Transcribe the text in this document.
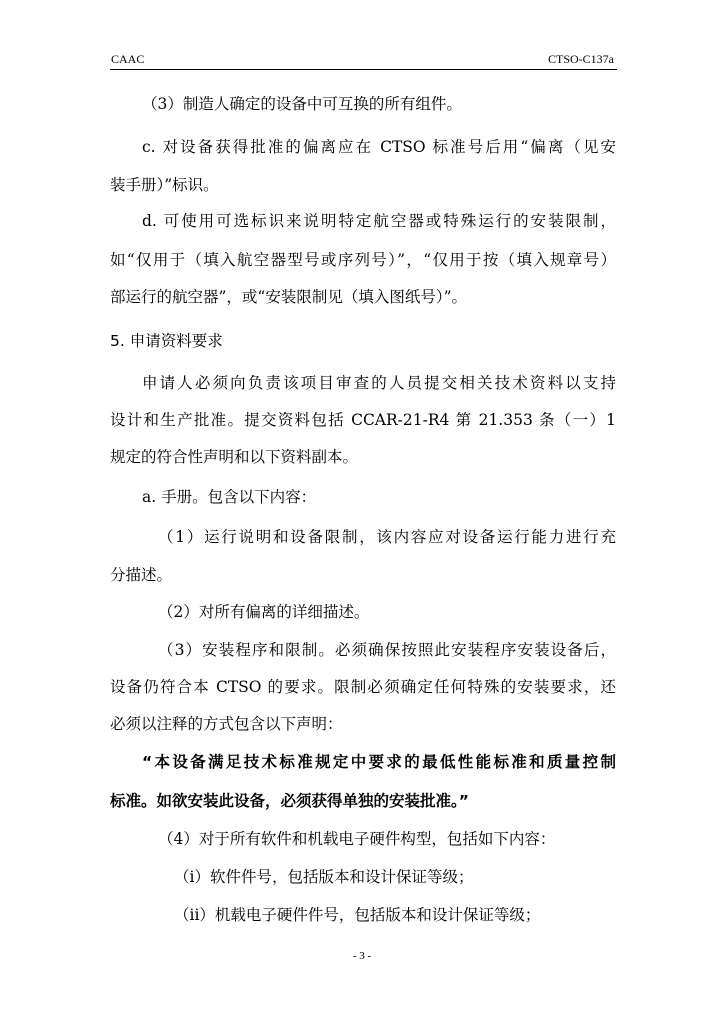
CAAC	CTSO-C137a
（3）制造人确定的设备中可互换的所有组件。
c. 对设备获得批准的偏离应在 CTSO 标准号后用“偏离（见安
装手册）”标识。
d. 可使用可选标识来说明特定航空器或特殊运行的安装限制，
如“仅用于（填入航空器型号或序列号）”，“仅用于按（填入规章号）
部运行的航空器”，或“安装限制见（填入图纸号）”。
5. 申请资料要求
申请人必须向负责该项目审查的人员提交相关技术资料以支持
设计和生产批准。提交资料包括 CCAR-21-R4 第 21.353 条（一）1
规定的符合性声明和以下资料副本。
a. 手册。包含以下内容：
（1）运行说明和设备限制，该内容应对设备运行能力进行充
分描述。
（2）对所有偏离的详细描述。
（3）安装程序和限制。必须确保按照此安装程序安装设备后，
设备仍符合本 CTSO 的要求。限制必须确定任何特殊的安装要求，还
必须以注释的方式包含以下声明：
“本设备满足技术标准规定中要求的最低性能标准和质量控制
标准。如欲安装此设备，必须获得单独的安装批准。”
（4）对于所有软件和机载电子硬件构型，包括如下内容：
（i）软件件号，包括版本和设计保证等级；
（ii）机载电子硬件件号，包括版本和设计保证等级；
- 3 -
